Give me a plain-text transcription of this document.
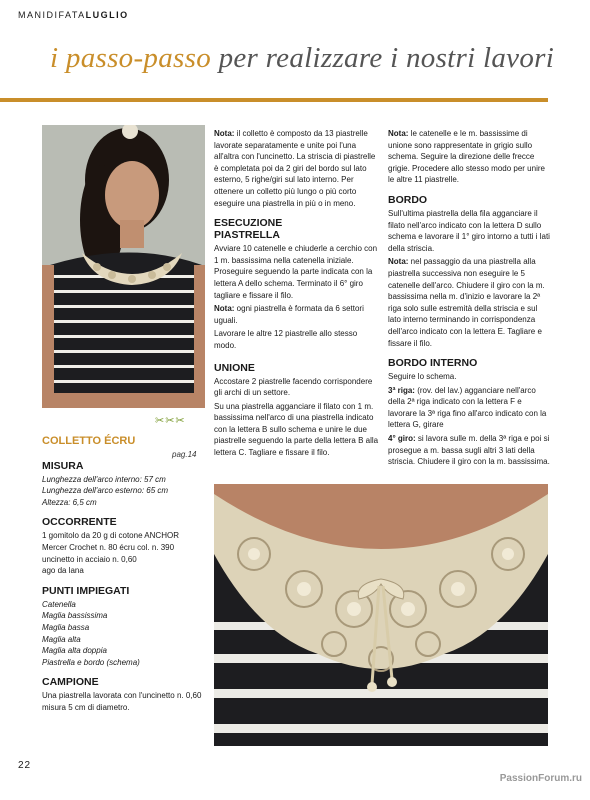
MANIDIFATALUGLIO
i passo-passo per realizzare i nostri lavori
✂✂✂

COLLETTO ÉCRU

MISURA

Lunghezza dell'arco interno: 57 cm

Lunghezza dell'arco esterno: 65 cm

Altezza: 6,5 cm

OCCORRENTE

1 gomitolo da 20 g di cotone ANCHOR

Mercer Crochet n. 80 écru col. n. 390

uncinetto in acciaio n. 0,60

ago da lana

PUNTI IMPIEGATI

Catenella

Maglia bassissima

Maglia bassa

Maglia alta

Maglia alta doppia

Piastrella e bordo (schema)

CAMPIONE

Una piastrella lavorata con l'uncinetto n. 0,60 misura 5 cm di diametro.

pag.14

Nota: il colletto è composto da 13 piastrelle lavorate separatamente e unite poi l'una all'altra con l'uncinetto. La striscia di piastrelle è completata poi da 2 giri del bordo sul lato esterno, 5 righe/giri sul lato interno. Per ottenere un colletto più lungo o più corto eseguire una piastrella in più o in meno.

ESECUZIONE

PIASTRELLA

Avviare 10 catenelle e chiuderle a cerchio con 1 m. bassissima nella catenella iniziale. Proseguire seguendo la parte indicata con la lettera A dello schema. Terminato il 6° giro tagliare e fissare il filo.

Nota: ogni piastrella è formata da 6 settori uguali.

Lavorare le altre 12 piastrelle allo stesso modo.

UNIONE

Accostare 2 piastrelle facendo corrispondere gli archi di un settore.

Su una piastrella agganciare il filato con 1 m. bassissima nell'arco di una piastrella indicato con la lettera B sullo schema e unire le due piastrelle seguendo la parte della lettera B alla lettera C. Tagliare e fissare il filo.

Nota: le catenelle e le m. bassissime di unione sono rappresentate in grigio sullo schema. Seguire la direzione delle frecce grigie. Procedere allo stesso modo per unire le altre 11 piastrelle.

BORDO

Sull'ultima piastrella della fila agganciare il filato nell'arco indicato con la lettera D sullo schema e lavorare il 1° giro intorno a tutti i lati della striscia.

Nota: nel passaggio da una piastrella alla piastrella successiva non eseguire le 5 catenelle dell'arco. Chiudere il giro con la m. bassissima nella m. d'inizio e lavorare la 2ª riga solo sulle estremità della striscia e sul lato interno terminando in corrispondenza dell'arco indicato con la lettera E. Tagliare e fissare il filo.

BORDO INTERNO

Seguire lo schema.

3ª riga: (rov. del lav.) agganciare nell'arco della 2ª riga indicato con la lettera F e lavorare la 3ª riga fino all'arco indicato con la lettera G, girare

4° giro: si lavora sulle m. della 3ª riga e poi si prosegue a m. bassa sugli altri 3 lati della striscia. Chiudere il giro con la m. bassissima.

22
PassionForum.ru
